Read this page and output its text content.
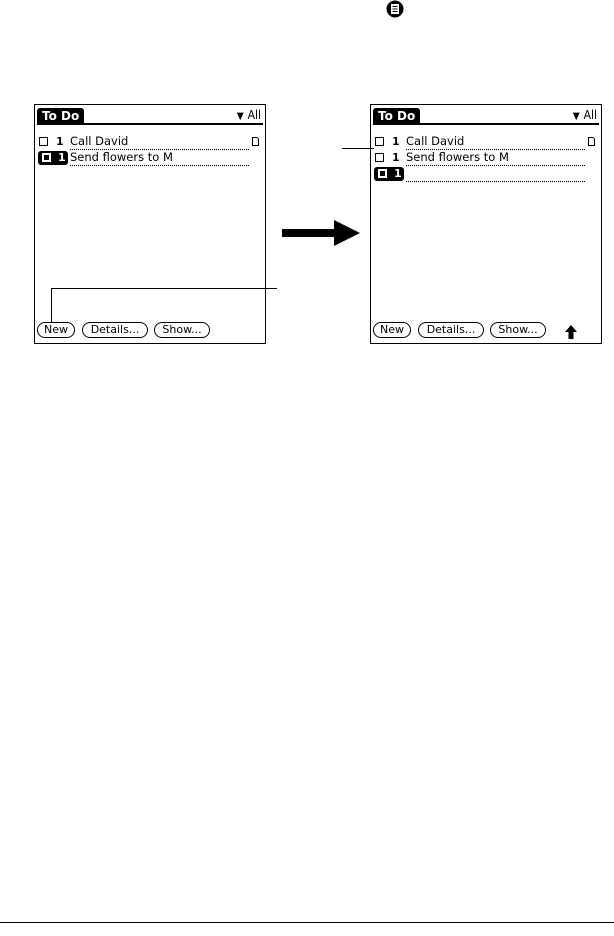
To Do	▼ All
1 Call David
1 Send flowers to M
New	Details...	Show...
To Do	▼ All
1 Call David
1 Send flowers to M
1
New	Details...	Show...
